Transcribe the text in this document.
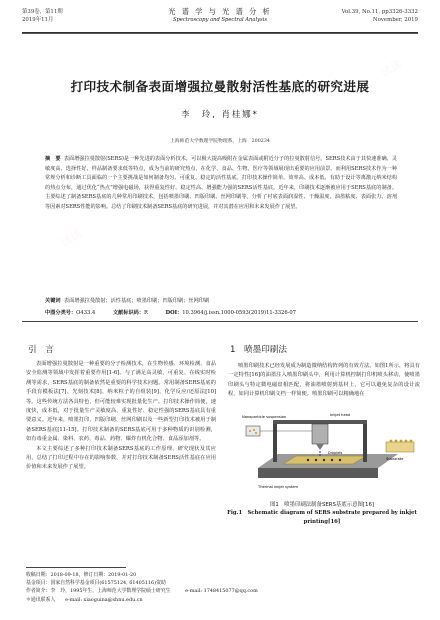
第39卷，第11期
2019年11月
光 谱 学 与 光 谱 分 析
Spectroscopy and Spectral Analysis
Vol.39, No.11, pp3326-3332
November, 2019
打印技术制备表面增强拉曼散射活性基底的研究进展
李　玲, 肖桂娜*
上海师范大学数理学院物理系，上海　200234
摘　要 表面增强拉曼散射(SERS)是一种先进的表面分析技术，可以极大提高吸附在金属表面或附近分子的拉曼散射信号。SERS技术由于其快速准确、灵敏度高、选择性好、样品制备要求低等特点，成为当前的研究热点，在化学、食品、生物、医疗等领域展现出重要的应用前景。而利用SERS技术作为一种常规分析和诊断工具面临的一个主要挑战是如何制备均匀、可重复、稳定的活性基底。打印技术操作简单、效率高、成本低，有助于设计等离激元纳米结构的热点分布，通过优化“热点”增强电磁场，获得重复性好、稳定性高、增强能力强的SERS活性基底。近年来，印刷技术逐渐被应用于SERS基底的制备。主要综述了制备SERS基底的几种常用印刷技术，包括喷墨印刷、凹版印刷、丝网印刷等。分析了衬底表面润湿性、干燥温度、油墨粘度、表面张力、溶剂等因素对SERS性能的影响。总结了印刷技术制备SERS基底的研究进展，并对其潜在应用和未来发展作了展望。
关键词 表面增强拉曼散射；活性基底；喷墨印刷；凹版印刷；丝网印刷
中图分类号：O433.4	文献标识码：R	DOI：10.3964/j.issn.1000-0593(2019)11-3326-07
引　言

表面增强拉曼散射是一种重要的分子检测技术，在生物传感、环境检测、食品安全监测等领域中发挥着重要作用[1-6]。与了满足高灵敏、可重复、在线实时检测等需求，SERS基底的制备依然是重要的科学技术问题。常用制备SERS基底的手段有模板法[7]、光刻技术[8]、纳米粒子的自组装[9]、化学反应/还原法[10]等。这些传统方法各具特色，但可能较难实现批量化生产。打印技术操作简便，速度快，成本低，对于批量生产灵敏度高、重复性好、稳定性强的SERS基底具有重要意义。近年来，喷墨打印、凹版印刷、丝网印刷以及一些新型打印技术被用于制备SERS基底[11-15]。打印技术制备的SERS基底可用于多种物质的识别检测，如有毒重金属、染料、农药、毒品、药物、爆炸有机化合物、食品添加剂等。

本文主要综述了多种打印技术制备SERS基底的工作原理、研究现状及其应用，总结了打印过程中存在的影响参数，并对打印技术制备SERS活性基底在应用价值和未来发展作了展望。

1　喷墨印刷法

喷墨印刷技术已经发展成为制造微纳结构阵列的有效方法。如图1所示，将具有一定特性[16]的油墨注入喷墨印刷头中，利用计算机控制打印机喷头移动，使喷墨印刷头与特定微电磁盘相匹配，将油墨喷射到基材上，它可以避免复杂的设计流程，如同计算机印刷文档一样简便。喷墨印刷可以精确地在

Nanoparticle suspension	Inkjet head
Substrate
Droplets
Thermal inkjet system
图1　喷墨印刷法制备SERS基底示意图[16]
Fig.1　Schematic diagram of SERS substrate prepared by inkjet printing[16]
收稿日期：2018-09-18，修订日期：2019-01-20
基金项目：国家自然科学基金项目(61575124, 61405116)资助
作者简介：李　玲，1995年生，上海师范大学数理学院硕士研究生　　　e-mail: 1748415077@qq.com
＊通讯联系人　　e-mail: xiaoguina@shnu.edu.cn
试读
试读
试读
